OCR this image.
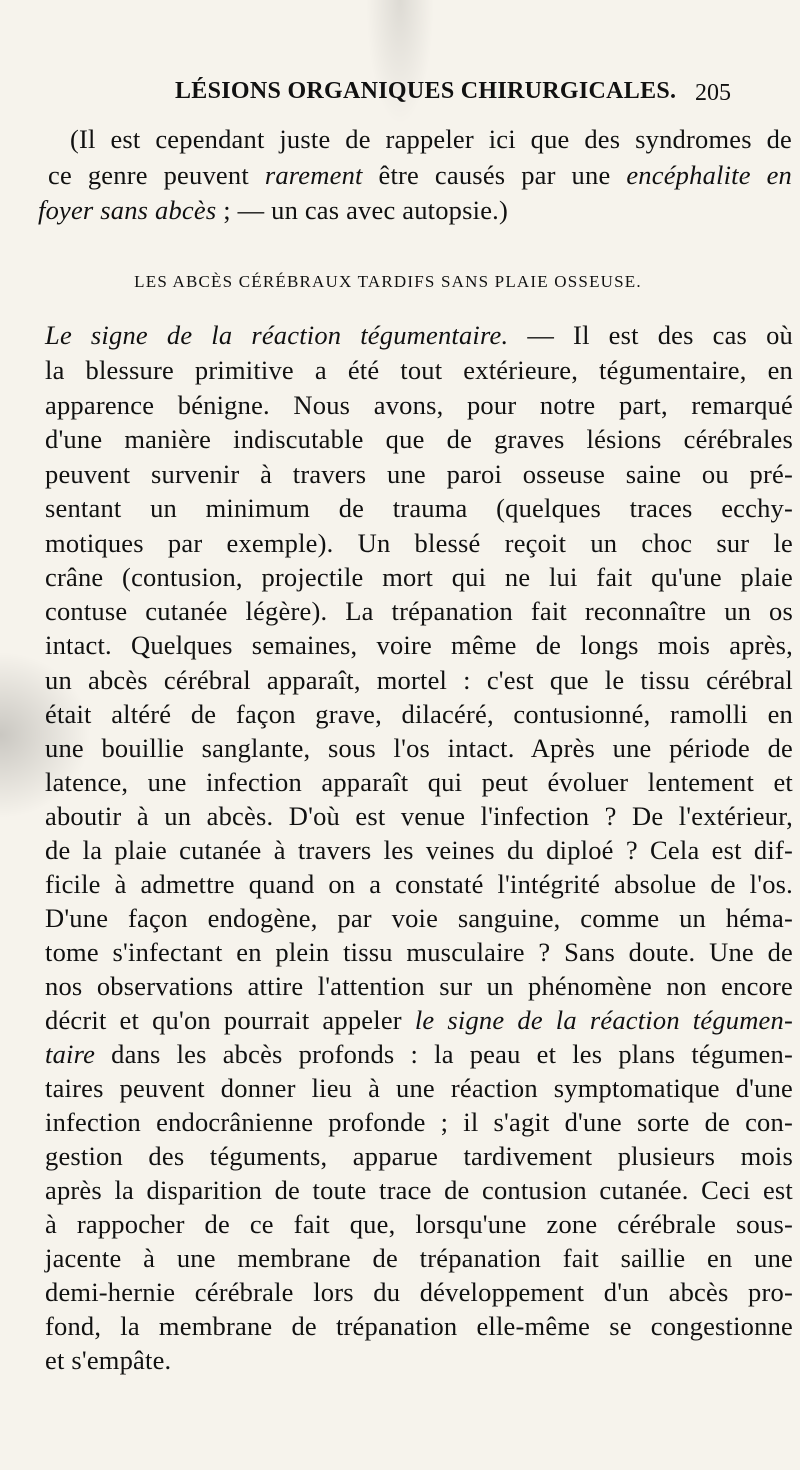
LÉSIONS ORGANIQUES CHIRURGICALES. 205
(Il est cependant juste de rappeler ici que des syndromes de
ce genre peuvent rarement être causés par une encéphalite en
foyer sans abcès ; — un cas avec autopsie.)
LES ABCÈS CÉRÉBRAUX TARDIFS SANS PLAIE OSSEUSE.
Le signe de la réaction tégumentaire. — Il est des cas où
la blessure primitive a été tout extérieure, tégumentaire, en
apparence bénigne. Nous avons, pour notre part, remarqué
d'une manière indiscutable que de graves lésions cérébrales
peuvent survenir à travers une paroi osseuse saine ou pré-
sentant un minimum de trauma (quelques traces ecchy-
motiques par exemple). Un blessé reçoit un choc sur le
crâne (contusion, projectile mort qui ne lui fait qu'une plaie
contuse cutanée légère). La trépanation fait reconnaître un os
intact. Quelques semaines, voire même de longs mois après,
un abcès cérébral apparaît, mortel : c'est que le tissu cérébral
était altéré de façon grave, dilacéré, contusionné, ramolli en
une bouillie sanglante, sous l'os intact. Après une période de
latence, une infection apparaît qui peut évoluer lentement et
aboutir à un abcès. D'où est venue l'infection ? De l'extérieur,
de la plaie cutanée à travers les veines du diploé ? Cela est dif-
ficile à admettre quand on a constaté l'intégrité absolue de l'os.
D'une façon endogène, par voie sanguine, comme un héma-
tome s'infectant en plein tissu musculaire ? Sans doute. Une de
nos observations attire l'attention sur un phénomène non encore
décrit et qu'on pourrait appeler le signe de la réaction tégumen-
taire dans les abcès profonds : la peau et les plans tégumen-
taires peuvent donner lieu à une réaction symptomatique d'une
infection endocrânienne profonde ; il s'agit d'une sorte de con-
gestion des téguments, apparue tardivement plusieurs mois
après la disparition de toute trace de contusion cutanée. Ceci est
à rappocher de ce fait que, lorsqu'une zone cérébrale sous-
jacente à une membrane de trépanation fait saillie en une
demi-hernie cérébrale lors du développement d'un abcès pro-
fond, la membrane de trépanation elle-même se congestionne
et s'empâte.
